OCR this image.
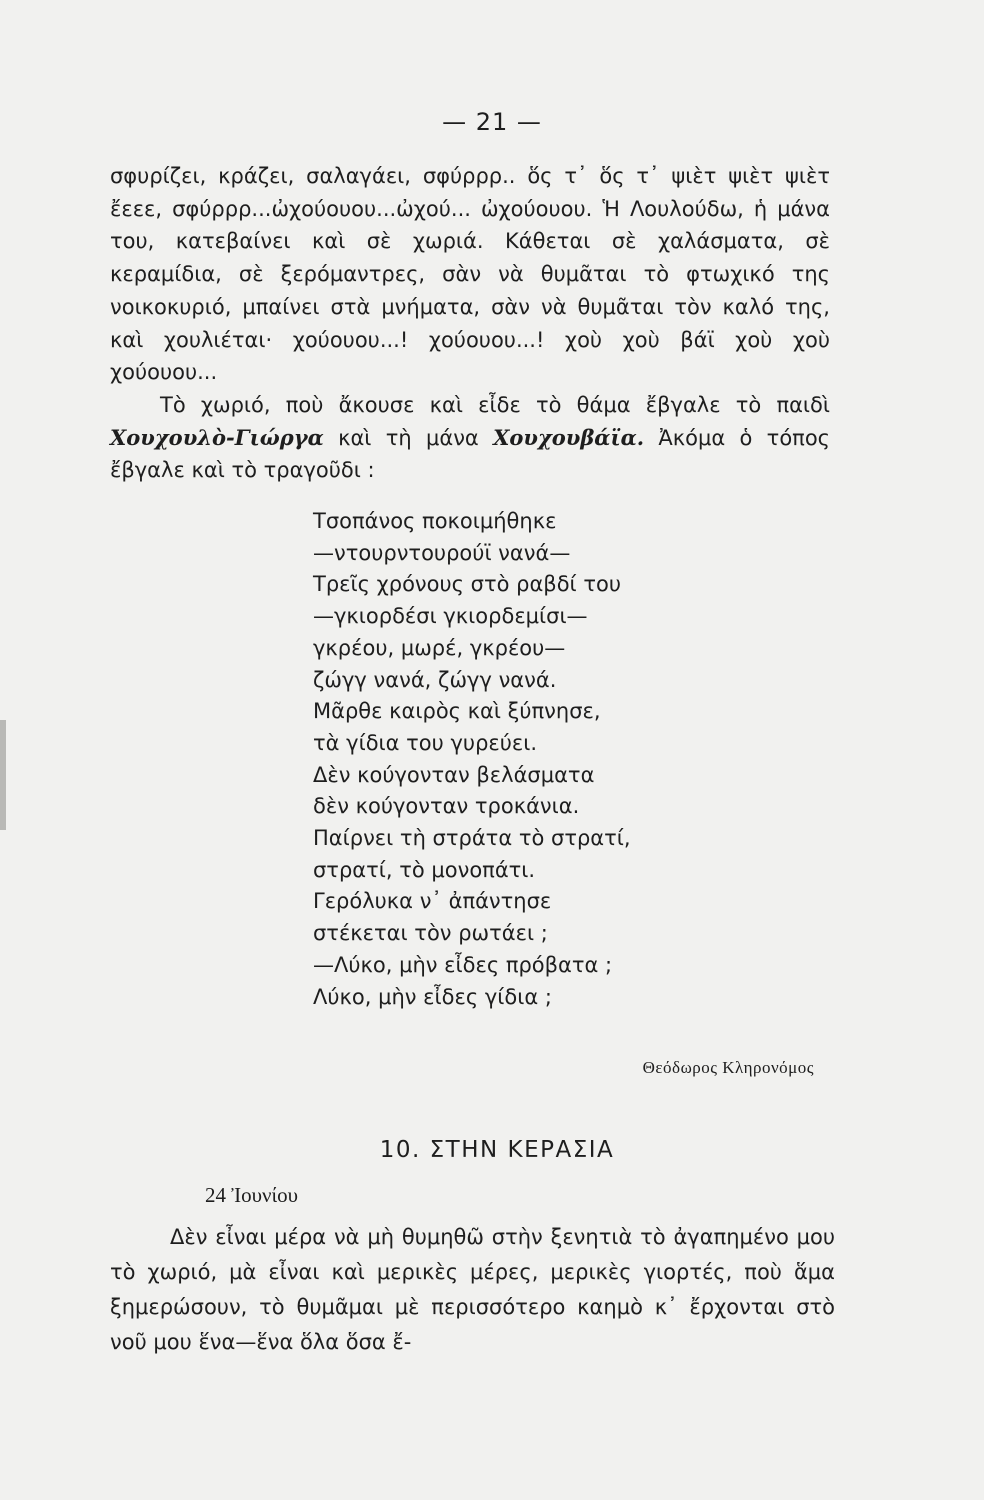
— 21 —

σφυρίζει, κράζει, σαλαγάει, σφύρρρ.. ὅς τ᾽ ὅς τ᾽ ψιὲτ ψιὲτ ψιὲτ ἔεεε, σφύρρρ...ὠχούουου...ὠχού... ὠχούουου. Ἡ Λουλούδω, ἡ μάνα του, κατεβαίνει καὶ σὲ χωριά. Κάθεται σὲ χαλάσματα, σὲ κεραμίδια, σὲ ξερόμαντρες, σὰν νὰ θυμᾶται τὸ φτωχικό της νοικοκυριό, μπαίνει στὰ μνήματα, σὰν νὰ θυμᾶται τὸν καλό της, καὶ χουλιέται· χούουου...! χούουου...! χοὺ χοὺ βάϊ χοὺ χοὺ χούουου...

Τὸ χωριό, ποὺ ἄκουσε καὶ εἶδε τὸ θάμα ἔβγαλε τὸ παιδὶ Χουχουλὸ-Γιώργα καὶ τὴ μάνα Χουχουβάϊα. Ἀκόμα ὁ τόπος ἔβγαλε καὶ τὸ τραγοῦδι :

Τσοπάνος ποκοιμήθηκε
—ντουρντουρούϊ νανά—
Τρεῖς χρόνους στὸ ραβδί του
—γκιορδέσι γκιορδεμίσι—
γκρέου, μωρέ, γκρέου—
ζώγγ νανά, ζώγγ νανά.
Μᾶρθε καιρὸς καὶ ξύπνησε,
τὰ γίδια του γυρεύει.
Δὲν κούγονταν βελάσματα
δὲν κούγονταν τροκάνια.
Παίρνει τὴ στράτα τὸ στρατί,
στρατί, τὸ μονοπάτι.
Γερόλυκα ν᾽ ἀπάντησε
στέκεται τὸν ρωτάει ;
—Λύκο, μὴν εἶδες πρόβατα ;
Λύκο, μὴν εἶδες γίδια ;
Θεόδωρος Κληρονόμος
10. ΣΤΗΝ ΚΕΡΑΣΙΑ
24 Ἰουνίου

Δὲν εἶναι μέρα νὰ μὴ θυμηθῶ στὴν ξενητιὰ τὸ ἀγαπημένο μου τὸ χωριό, μὰ εἶναι καὶ μερικὲς μέρες, μερικὲς γιορτές, ποὺ ἅμα ξημερώσουν, τὸ θυμᾶμαι μὲ περισσότερο καημὸ κ᾽ ἔρχονται στὸ νοῦ μου ἕνα—ἕνα ὅλα ὅσα ἔ-
